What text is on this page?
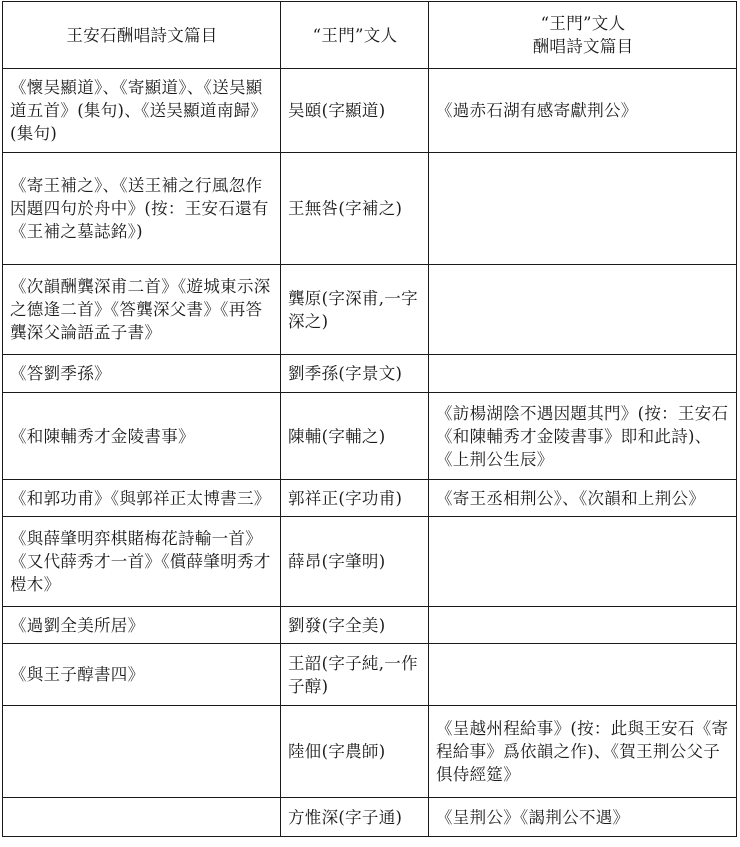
王安石酬唱詩文篇目	“王門”文人	“王門”文人
酬唱詩文篇目

《懷吴顯道》、《寄顯道》、《送吴顯道五首》(集句)、《送吴顯道南歸》(集句)	吴頤(字顯道)	《過赤石湖有感寄獻荆公》
《寄王補之》、《送王補之行風忽作因題四句於舟中》(按：王安石還有《王補之墓誌銘》)	王無咎(字補之)	
《次韻酬龔深甫二首》《遊城東示深之德逢二首》《答龔深父書》《再答龔深父論語孟子書》	龔原(字深甫,一字深之)	
《答劉季孫》	劉季孫(字景文)	
《和陳輔秀才金陵書事》	陳輔(字輔之)	《訪楊湖陰不遇因題其門》(按：王安石《和陳輔秀才金陵書事》即和此詩)、《上荆公生辰》
《和郭功甫》《與郭祥正太博書三》	郭祥正(字功甫)	《寄王丞相荆公》、《次韻和上荆公》
《與薛肇明弈棋賭梅花詩輸一首》《又代薛秀才一首》《償薛肇明秀才榿木》	薛昂(字肇明)	
《過劉全美所居》	劉發(字全美)	
《與王子醇書四》	王韶(字子純,一作子醇)	
	陸佃(字農師)	《呈越州程給事》(按：此與王安石《寄程給事》爲依韻之作)、《賀王荆公父子俱侍經筵》
	方惟深(字子通)	《呈荆公》《謁荆公不遇》
